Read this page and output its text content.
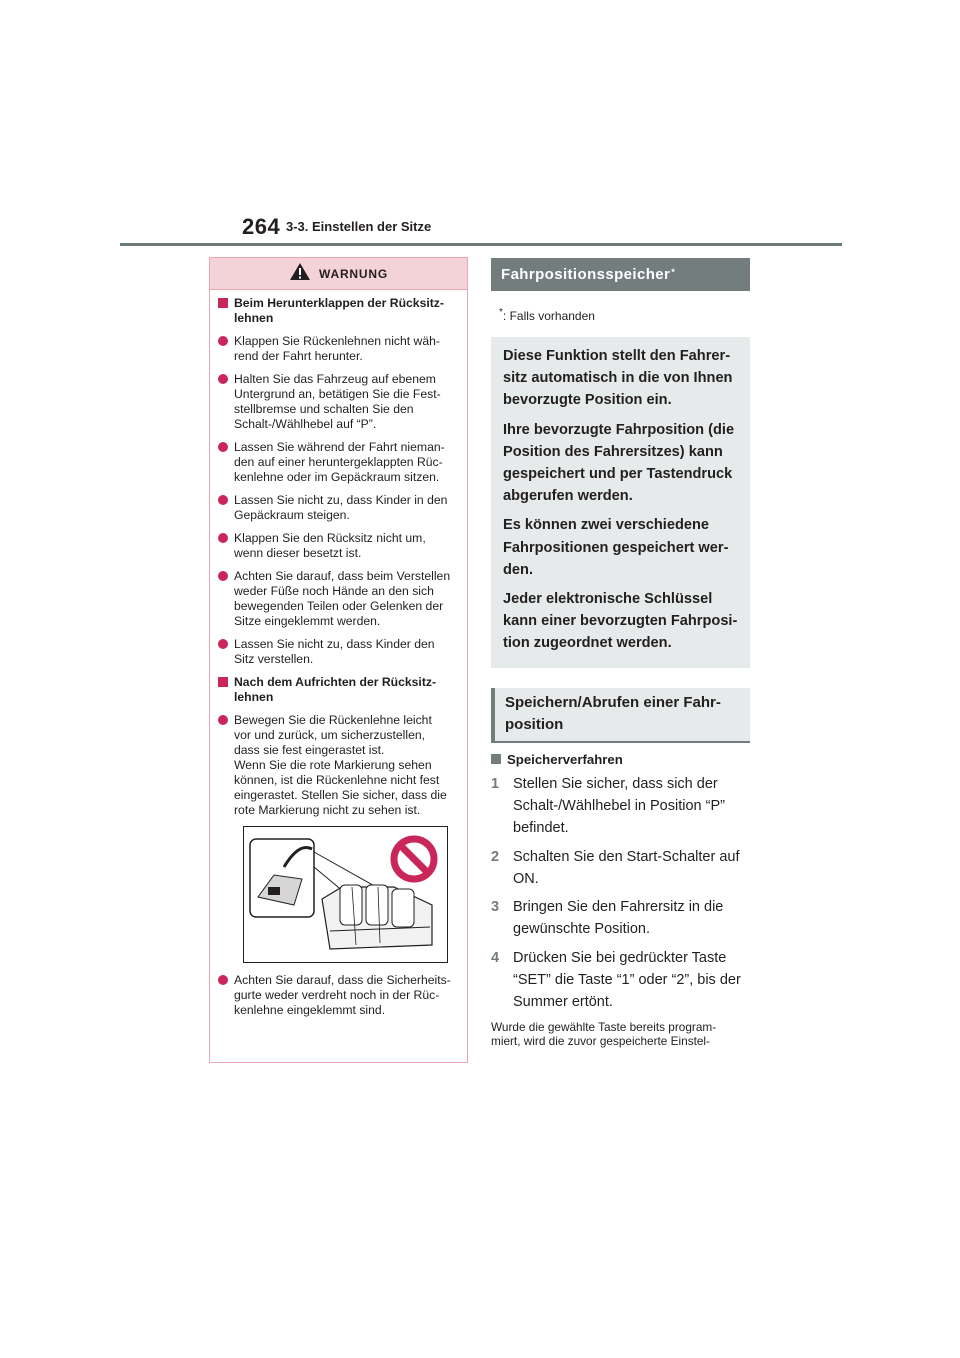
264 3-3. Einstellen der Sitze
WARNUNG
Beim Herunterklappen der Rücksitz-
lehnen
Klappen Sie Rückenlehnen nicht wäh-
rend der Fahrt herunter.
Halten Sie das Fahrzeug auf ebenem
Untergrund an, betätigen Sie die Fest-
stellbremse und schalten Sie den
Schalt-/Wählhebel auf “P”.
Lassen Sie während der Fahrt nieman-
den auf einer heruntergeklappten Rüc-
kenlehne oder im Gepäckraum sitzen.
Lassen Sie nicht zu, dass Kinder in den
Gepäckraum steigen.
Klappen Sie den Rücksitz nicht um,
wenn dieser besetzt ist.
Achten Sie darauf, dass beim Verstellen
weder Füße noch Hände an den sich
bewegenden Teilen oder Gelenken der
Sitze eingeklemmt werden.
Lassen Sie nicht zu, dass Kinder den
Sitz verstellen.
Nach dem Aufrichten der Rücksitz-
lehnen
Bewegen Sie die Rückenlehne leicht
vor und zurück, um sicherzustellen,
dass sie fest eingerastet ist.
Wenn Sie die rote Markierung sehen
können, ist die Rückenlehne nicht fest
eingerastet. Stellen Sie sicher, dass die
rote Markierung nicht zu sehen ist.
Achten Sie darauf, dass die Sicherheits-
gurte weder verdreht noch in der Rüc-
kenlehne eingeklemmt sind.
Fahrpositionsspeicher*
*: Falls vorhanden

Diese Funktion stellt den Fahrer-
sitz automatisch in die von Ihnen
bevorzugte Position ein.

Ihre bevorzugte Fahrposition (die
Position des Fahrersitzes) kann
gespeichert und per Tastendruck
abgerufen werden.

Es können zwei verschiedene
Fahrpositionen gespeichert wer-
den.

Jeder elektronische Schlüssel
kann einer bevorzugten Fahrposi-
tion zugeordnet werden.

Speichern/Abrufen einer Fahr-
position
Speicherverfahren
1 Stellen Sie sicher, dass sich der
Schalt-/Wählhebel in Position “P”
befindet.
2 Schalten Sie den Start-Schalter auf
ON.
3 Bringen Sie den Fahrersitz in die
gewünschte Position.
4 Drücken Sie bei gedrückter Taste
“SET” die Taste “1” oder “2”, bis der
Summer ertönt.
Wurde die gewählte Taste bereits program-
miert, wird die zuvor gespeicherte Einstel-
